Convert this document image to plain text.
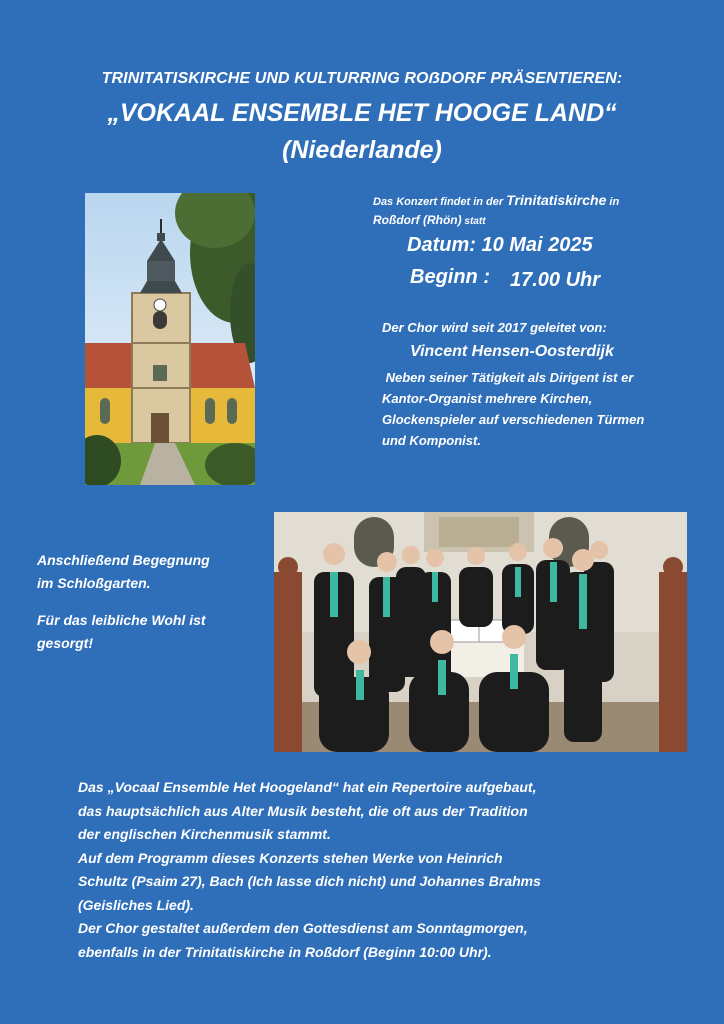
TRINITATISKIRCHE UND KULTURRING ROẞDORF PRÄSENTIEREN:
„VOKAAL ENSEMBLE HET HOOGE LAND“
(Niederlande)
Das Konzert findet in der Trinitatiskirche in
Roßdorf (Rhön) statt
Datum: 10 Mai 2025
Beginn : 17.00 Uhr
Der Chor wird seit 2017 geleitet von:
Vincent Hensen-Oosterdijk
Neben seiner Tätigkeit als Dirigent ist er
Kantor-Organist mehrere Kirchen,
Glockenspieler auf verschiedenen Türmen
und Komponist.

Anschließend Begegnung
im Schloßgarten.

Für das leibliche Wohl ist
gesorgt!

Das „Vocaal Ensemble Het Hoogeland“ hat ein Repertoire aufgebaut,
das hauptsächlich aus Alter Musik besteht, die oft aus der Tradition
der englischen Kirchenmusik stammt.
Auf dem Programm dieses Konzerts stehen Werke von Heinrich
Schultz (Psaim 27), Bach (Ich lasse dich nicht) und Johannes Brahms
(Geisliches Lied).
Der Chor gestaltet außerdem den Gottesdienst am Sonntagmorgen,
ebenfalls in der Trinitatiskirche in Roßdorf (Beginn 10:00 Uhr).
